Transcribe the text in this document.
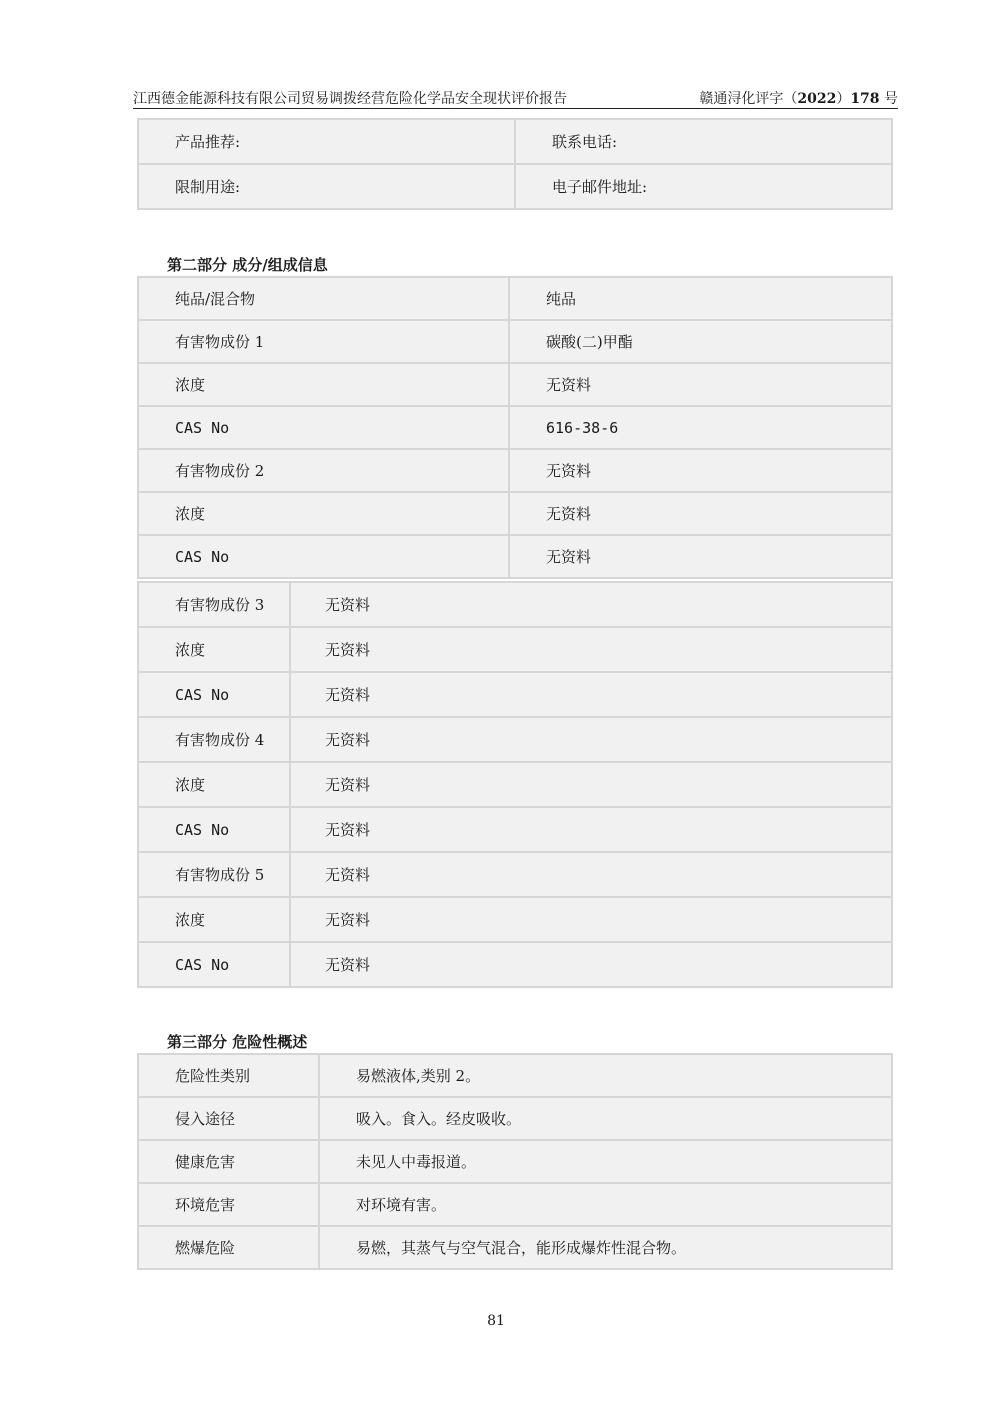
江西德金能源科技有限公司贸易调拨经营危险化学品安全现状评价报告	赣通浔化评字（2022）178 号
产品推荐:	联系电话:
限制用途:	电子邮件地址:
第二部分 成分/组成信息
纯品/混合物	纯品
有害物成份 1	碳酸(二)甲酯
浓度	无资料
CAS No	616-38-6
有害物成份 2	无资料
浓度	无资料
CAS No	无资料
有害物成份 3	无资料
浓度	无资料
CAS No	无资料
有害物成份 4	无资料
浓度	无资料
CAS No	无资料
有害物成份 5	无资料
浓度	无资料
CAS No	无资料
第三部分 危险性概述
危险性类别	易燃液体,类别 2。
侵入途径	吸入。食入。经皮吸收。
健康危害	未见人中毒报道。
环境危害	对环境有害。
燃爆危险	易燃，其蒸气与空气混合，能形成爆炸性混合物。
81
